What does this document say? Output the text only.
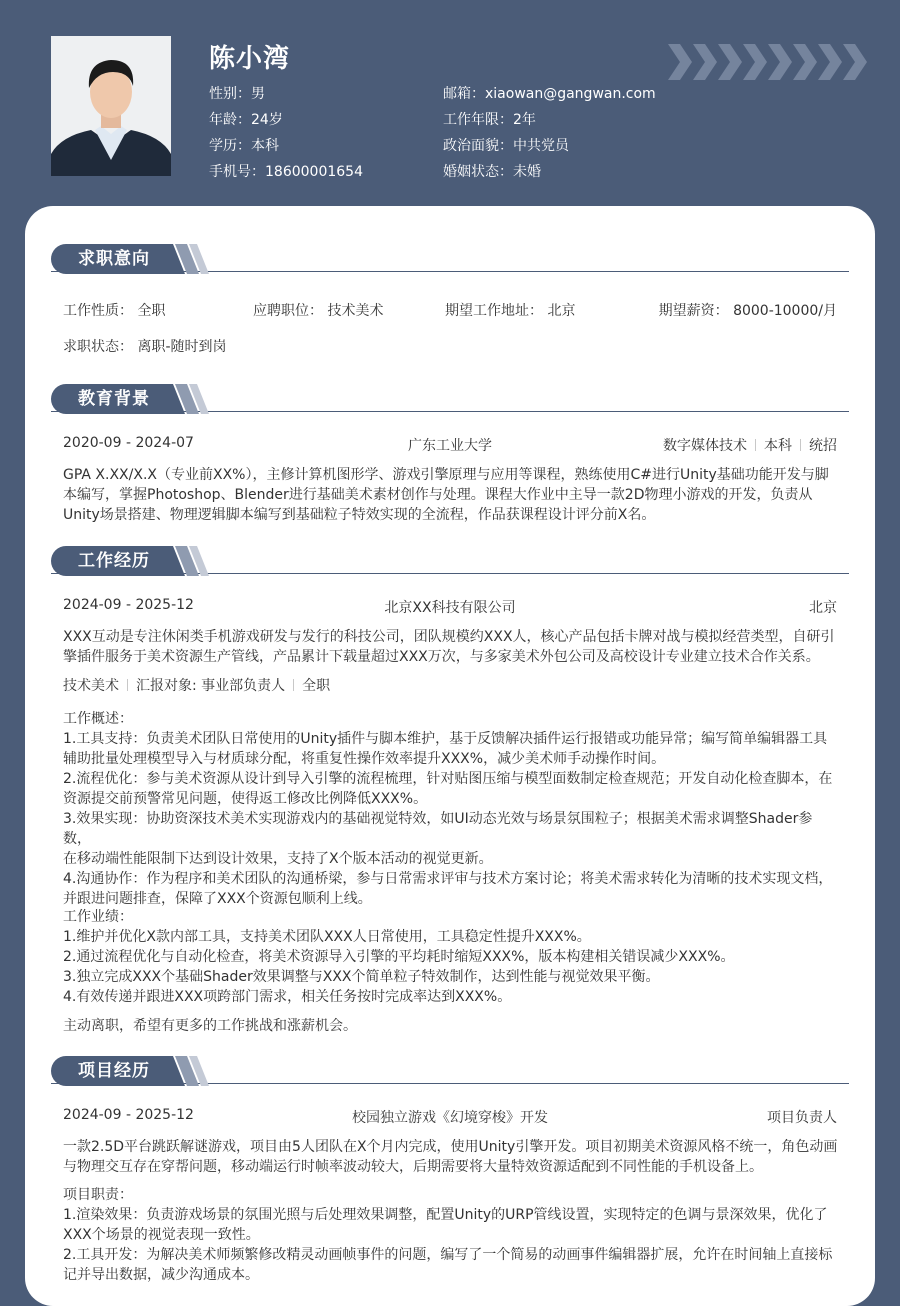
陈小湾
性别：男
年龄：24岁
学历：本科
手机号：18600001654
邮箱：xiaowan@gangwan.com
工作年限：2年
政治面貌：中共党员
婚姻状态：未婚
求职意向
工作性质： 全职	应聘职位： 技术美术	期望工作地址： 北京	期望薪资： 8000-10000/月
求职状态： 离职-随时到岗
教育背景
2020-09 - 2024-07	广东工业大学	数字媒体技术 本科 统招

GPA X.XX/X.X（专业前XX%），主修计算机图形学、游戏引擎原理与应用等课程，熟练使用C#进行Unity基础功能开发与脚
本编写，掌握Photoshop、Blender进行基础美术素材创作与处理。课程大作业中主导一款2D物理小游戏的开发，负责从
Unity场景搭建、物理逻辑脚本编写到基础粒子特效实现的全流程，作品获课程设计评分前X名。

工作经历
2024-09 - 2025-12	北京XX科技有限公司	北京

XXX互动是专注休闲类手机游戏研发与发行的科技公司，团队规模约XXX人，核心产品包括卡牌对战与模拟经营类型，自研引
擎插件服务于美术资源生产管线，产品累计下载量超过XXX万次，与多家美术外包公司及高校设计专业建立技术合作关系。

技术美术 汇报对象: 事业部负责人 全职

工作概述：
1.工具支持：负责美术团队日常使用的Unity插件与脚本维护，基于反馈解决插件运行报错或功能异常；编写简单编辑器工具
辅助批量处理模型导入与材质球分配，将重复性操作效率提升XXX%，减少美术师手动操作时间。
2.流程优化：参与美术资源从设计到导入引擎的流程梳理，针对贴图压缩与模型面数制定检查规范；开发自动化检查脚本，在
资源提交前预警常见问题，使得返工修改比例降低XXX%。
3.效果实现：协助资深技术美术实现游戏内的基础视觉特效，如UI动态光效与场景氛围粒子；根据美术需求调整Shader参数，
在移动端性能限制下达到设计效果，支持了X个版本活动的视觉更新。
4.沟通协作：作为程序和美术团队的沟通桥梁，参与日常需求评审与技术方案讨论；将美术需求转化为清晰的技术实现文档，
并跟进问题排查，保障了XXX个资源包顺利上线。

工作业绩：
1.维护并优化X款内部工具，支持美术团队XXX人日常使用，工具稳定性提升XXX%。
2.通过流程优化与自动化检查，将美术资源导入引擎的平均耗时缩短XXX%，版本构建相关错误减少XXX%。
3.独立完成XXX个基础Shader效果调整与XXX个简单粒子特效制作，达到性能与视觉效果平衡。
4.有效传递并跟进XXX项跨部门需求，相关任务按时完成率达到XXX%。

主动离职，希望有更多的工作挑战和涨薪机会。

项目经历
2024-09 - 2025-12	校园独立游戏《幻境穿梭》开发	项目负责人

一款2.5D平台跳跃解谜游戏，项目由5人团队在X个月内完成，使用Unity引擎开发。项目初期美术资源风格不统一，角色动画
与物理交互存在穿帮问题，移动端运行时帧率波动较大，后期需要将大量特效资源适配到不同性能的手机设备上。

项目职责：
1.渲染效果：负责游戏场景的氛围光照与后处理效果调整，配置Unity的URP管线设置，实现特定的色调与景深效果，优化了
XXX个场景的视觉表现一致性。
2.工具开发：为解决美术师频繁修改精灵动画帧事件的问题，编写了一个简易的动画事件编辑器扩展，允许在时间轴上直接标
记并导出数据，减少沟通成本。
